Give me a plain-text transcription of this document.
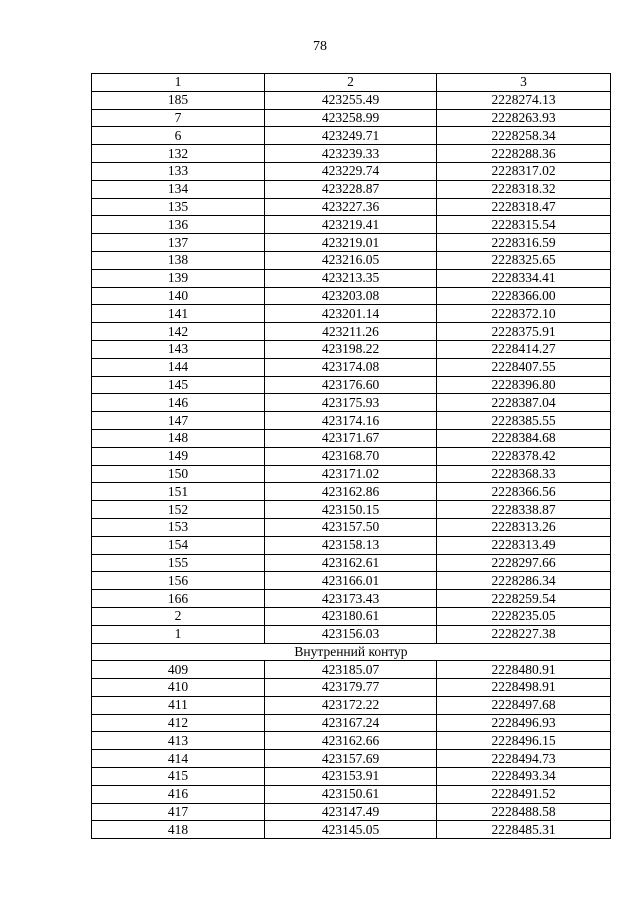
78
1	2	3
185	423255.49	2228274.13
7	423258.99	2228263.93
6	423249.71	2228258.34
132	423239.33	2228288.36
133	423229.74	2228317.02
134	423228.87	2228318.32
135	423227.36	2228318.47
136	423219.41	2228315.54
137	423219.01	2228316.59
138	423216.05	2228325.65
139	423213.35	2228334.41
140	423203.08	2228366.00
141	423201.14	2228372.10
142	423211.26	2228375.91
143	423198.22	2228414.27
144	423174.08	2228407.55
145	423176.60	2228396.80
146	423175.93	2228387.04
147	423174.16	2228385.55
148	423171.67	2228384.68
149	423168.70	2228378.42
150	423171.02	2228368.33
151	423162.86	2228366.56
152	423150.15	2228338.87
153	423157.50	2228313.26
154	423158.13	2228313.49
155	423162.61	2228297.66
156	423166.01	2228286.34
166	423173.43	2228259.54
2	423180.61	2228235.05
1	423156.03	2228227.38
Внутренний контур		
409	423185.07	2228480.91
410	423179.77	2228498.91
411	423172.22	2228497.68
412	423167.24	2228496.93
413	423162.66	2228496.15
414	423157.69	2228494.73
415	423153.91	2228493.34
416	423150.61	2228491.52
417	423147.49	2228488.58
418	423145.05	2228485.31
